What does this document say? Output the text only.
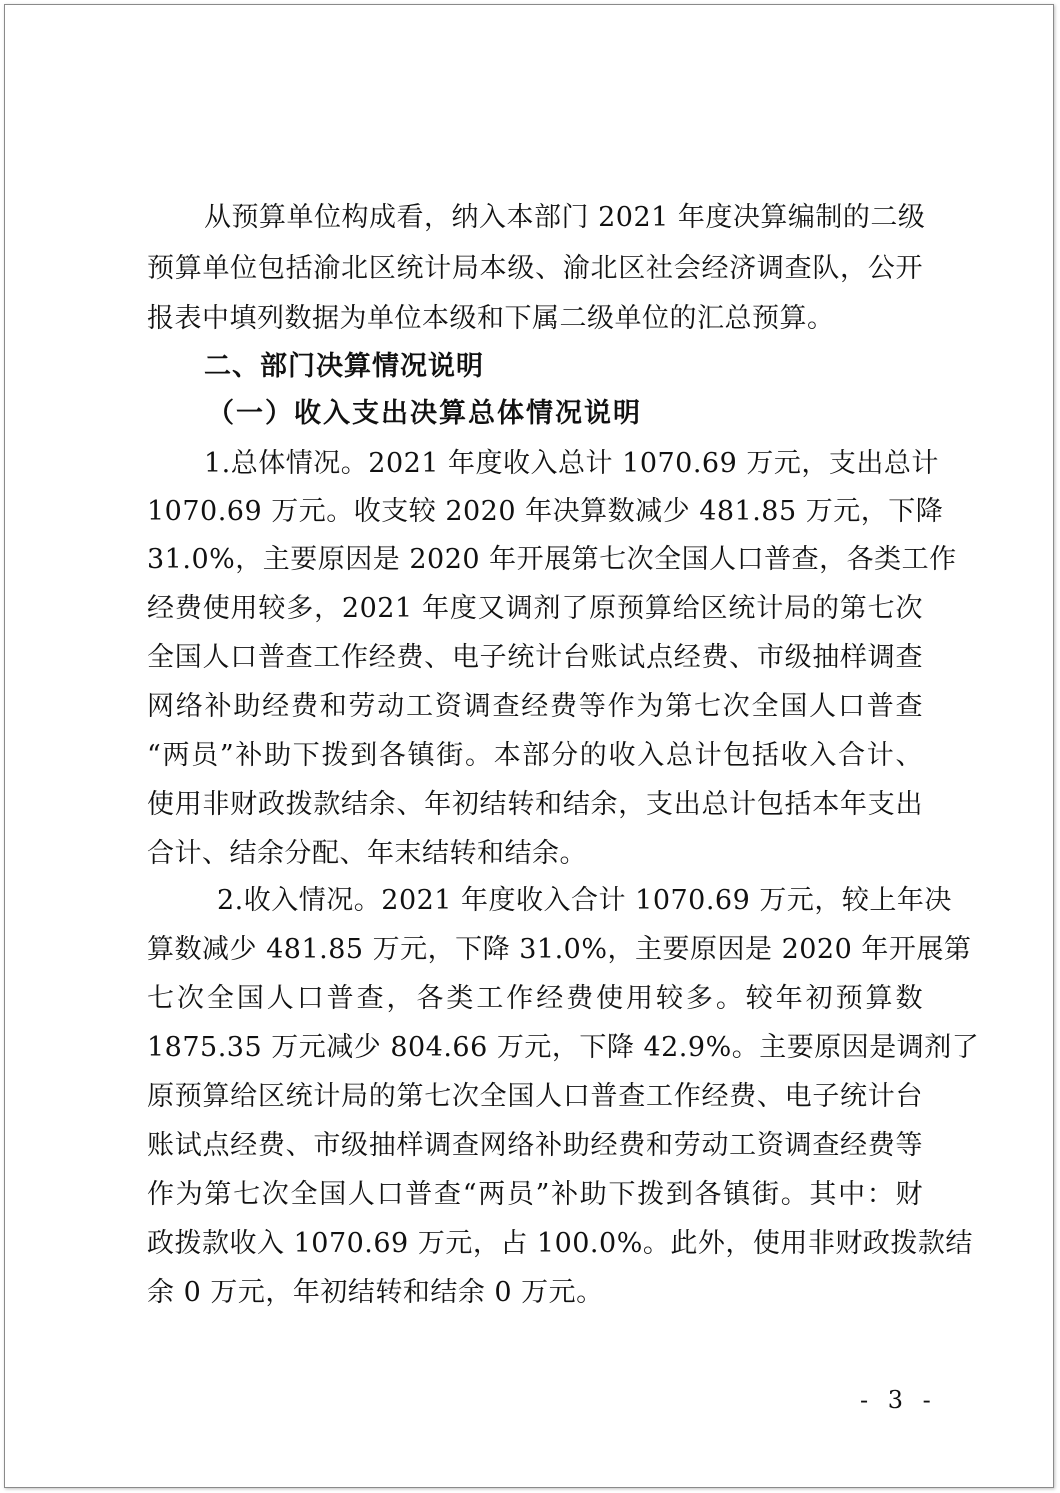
从预算单位构成看，纳入本部门 2021 年度决算编制的二级
预算单位包括渝北区统计局本级、渝北区社会经济调查队，公开
报表中填列数据为单位本级和下属二级单位的汇总预算。
二、部门决算情况说明
（一）收入支出决算总体情况说明
1.总体情况。2021 年度收入总计 1070.69 万元，支出总计
1070.69 万元。收支较 2020 年决算数减少 481.85 万元，下降
31.0%，主要原因是 2020 年开展第七次全国人口普查，各类工作
经费使用较多，2021 年度又调剂了原预算给区统计局的第七次
全国人口普查工作经费、电子统计台账试点经费、市级抽样调查
网络补助经费和劳动工资调查经费等作为第七次全国人口普查
“两员”补助下拨到各镇街。本部分的收入总计包括收入合计、
使用非财政拨款结余、年初结转和结余，支出总计包括本年支出
合计、结余分配、年末结转和结余。
2.收入情况。2021 年度收入合计 1070.69 万元，较上年决
算数减少 481.85 万元，下降 31.0%，主要原因是 2020 年开展第
七次全国人口普查，各类工作经费使用较多。较年初预算数
1875.35 万元减少 804.66 万元，下降 42.9%。主要原因是调剂了
原预算给区统计局的第七次全国人口普查工作经费、电子统计台
账试点经费、市级抽样调查网络补助经费和劳动工资调查经费等
作为第七次全国人口普查“两员”补助下拨到各镇街。其中：财
政拨款收入 1070.69 万元，占 100.0%。此外，使用非财政拨款结
余 0 万元，年初结转和结余 0 万元。
- 3 -
